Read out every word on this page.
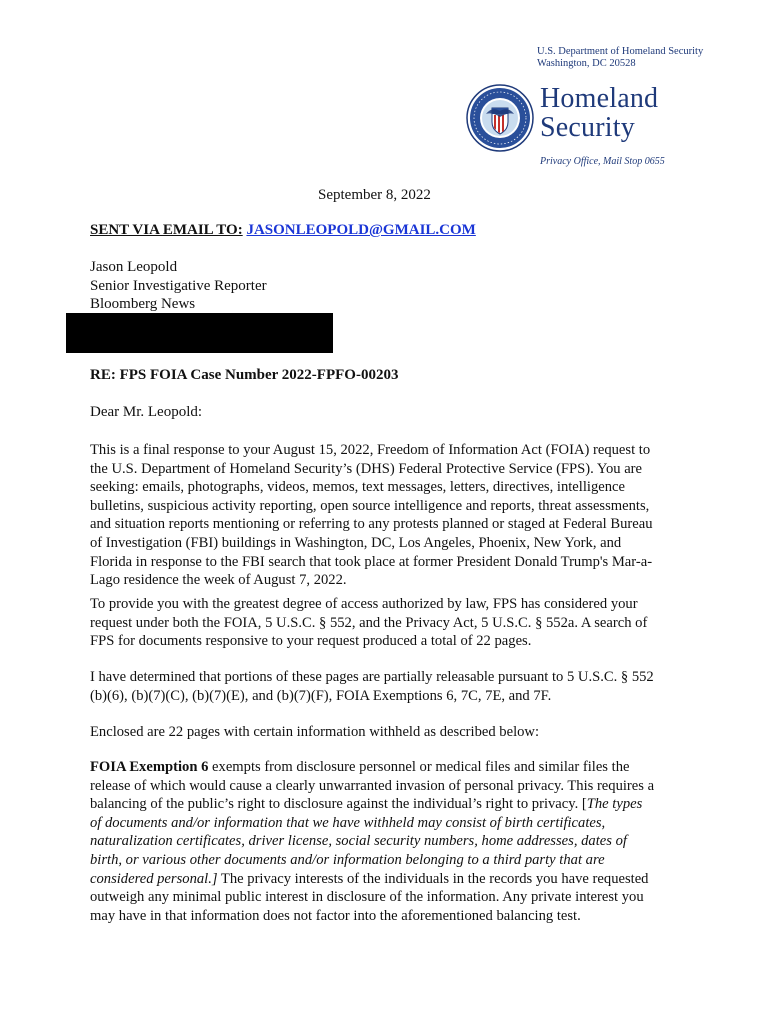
U.S. Department of Homeland Security
Washington, DC 20528
Homeland
Security
Privacy Office, Mail Stop 0655
September 8, 2022
SENT VIA EMAIL TO: JASONLEOPOLD@GMAIL.COM
Jason Leopold
Senior Investigative Reporter
Bloomberg News
RE: FPS FOIA Case Number 2022-FPFO-00203
Dear Mr. Leopold:
This is a final response to your August 15, 2022, Freedom of Information Act (FOIA) request to
the U.S. Department of Homeland Security’s (DHS) Federal Protective Service (FPS). You are
seeking: emails, photographs, videos, memos, text messages, letters, directives, intelligence
bulletins, suspicious activity reporting, open source intelligence and reports, threat assessments,
and situation reports mentioning or referring to any protests planned or staged at Federal Bureau
of Investigation (FBI) buildings in Washington, DC, Los Angeles, Phoenix, New York, and
Florida in response to the FBI search that took place at former President Donald Trump's Mar-a-
Lago residence the week of August 7, 2022.
To provide you with the greatest degree of access authorized by law, FPS has considered your
request under both the FOIA, 5 U.S.C. § 552, and the Privacy Act, 5 U.S.C. § 552a. A search of
FPS for documents responsive to your request produced a total of 22 pages.
I have determined that portions of these pages are partially releasable pursuant to 5 U.S.C. § 552
(b)(6), (b)(7)(C), (b)(7)(E), and (b)(7)(F), FOIA Exemptions 6, 7C, 7E, and 7F.
Enclosed are 22 pages with certain information withheld as described below:
FOIA Exemption 6 exempts from disclosure personnel or medical files and similar files the
release of which would cause a clearly unwarranted invasion of personal privacy. This requires a
balancing of the public’s right to disclosure against the individual’s right to privacy. [The types
of documents and/or information that we have withheld may consist of birth certificates,
naturalization certificates, driver license, social security numbers, home addresses, dates of
birth, or various other documents and/or information belonging to a third party that are
considered personal.] The privacy interests of the individuals in the records you have requested
outweigh any minimal public interest in disclosure of the information. Any private interest you
may have in that information does not factor into the aforementioned balancing test.
